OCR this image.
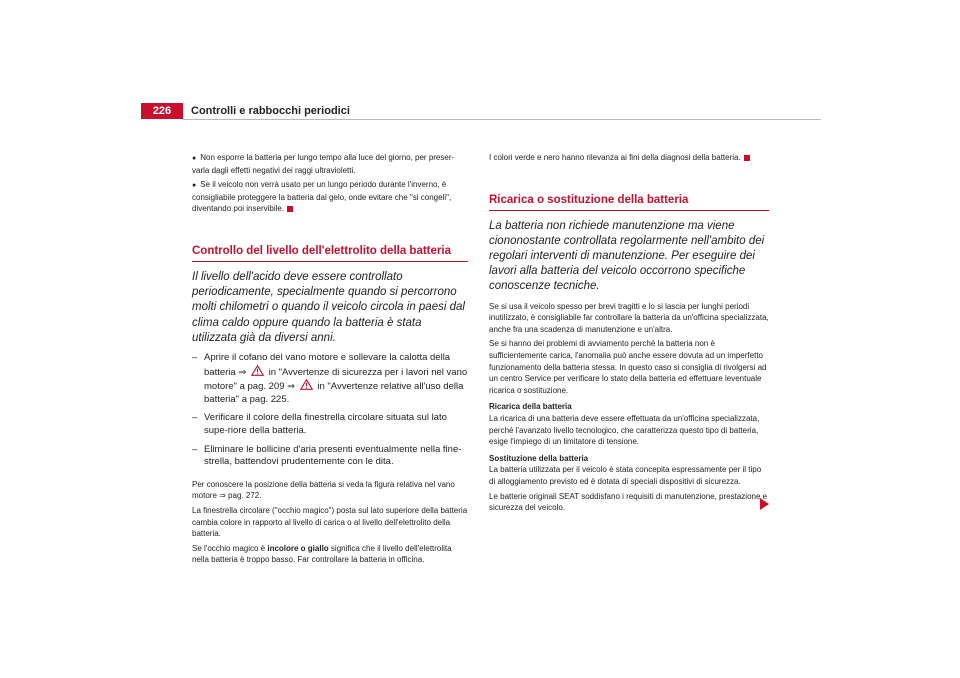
226	Controlli e rabbocchi periodici

● Non esporre la batteria per lungo tempo alla luce del giorno, per preser-varla dagli effetti negativi dei raggi ultravioletti.

● Se il veicolo non verrà usato per un lungo periodo durante l'inverno, è consigliabile proteggere la batteria dal gelo, onde evitare che "si congeli", diventando poi inservibile.

Controllo del livello dell'elettrolito della batteria

Il livello dell'acido deve essere controllato periodicamente, specialmente quando si percorrono molti chilometri o quando il veicolo circola in paesi dal clima caldo oppure quando la batteria è stata utilizzata già da diversi anni.

– Aprire il cofano del vano motore e sollevare la calotta della batteria ⇒ in "Avvertenze di sicurezza per i lavori nel vano motore" a pag. 209 ⇒ in "Avvertenze relative all'uso della batteria" a pag. 225.
– Verificare il colore della finestrella circolare situata sul lato supe-riore della batteria.
– Eliminare le bollicine d'aria presenti eventualmente nella fine-strella, battendovi prudentemente con le dita.

Per conoscere la posizione della batteria si veda la figura relativa nel vano motore ⇒ pag. 272.

La finestrella circolare ("occhio magico") posta sul lato superiore della batteria cambia colore in rapporto al livello di carica o al livello dell'elettrolito della batteria.

Se l'occhio magico è incolore o giallo significa che il livello dell'elettrolita nella batteria è troppo basso. Far controllare la batteria in officina.

I colori verde e nero hanno rilevanza ai fini della diagnosi della batteria.

Ricarica o sostituzione della batteria

La batteria non richiede manutenzione ma viene ciononostante controllata regolarmente nell'ambito dei regolari interventi di manutenzione. Per eseguire dei lavori alla batteria del veicolo occorrono specifiche conoscenze tecniche.

Se si usa il veicolo spesso per brevi tragitti e lo si lascia per lunghi periodi inutilizzato, è consigliabile far controllare la batteria da un'officina specializzata, anche fra una scadenza di manutenzione e un'altra.

Se si hanno dei problemi di avviamento perché la batteria non è sufficientemente carica, l'anomalia può anche essere dovuta ad un imperfetto funzionamento della batteria stessa. In questo caso si consiglia di rivolgersi ad un centro Service per verificare lo stato della batteria ed effettuare leventuale ricarica o sostituzione.

Ricarica della batteria

La ricarica di una batteria deve essere effettuata da un'officina specializzata, perché l'avanzato livello tecnologico, che caratterizza questo tipo di batteria, esige l'impiego di un limitatore di tensione.

Sostituzione della batteria

La batteria utilizzata per il veicolo è stata concepita espressamente per il tipo di alloggiamento previsto ed è dotata di speciali dispositivi di sicurezza.

Le batterie originali SEAT soddisfano i requisiti di manutenzione, prestazione e sicurezza del veicolo.
